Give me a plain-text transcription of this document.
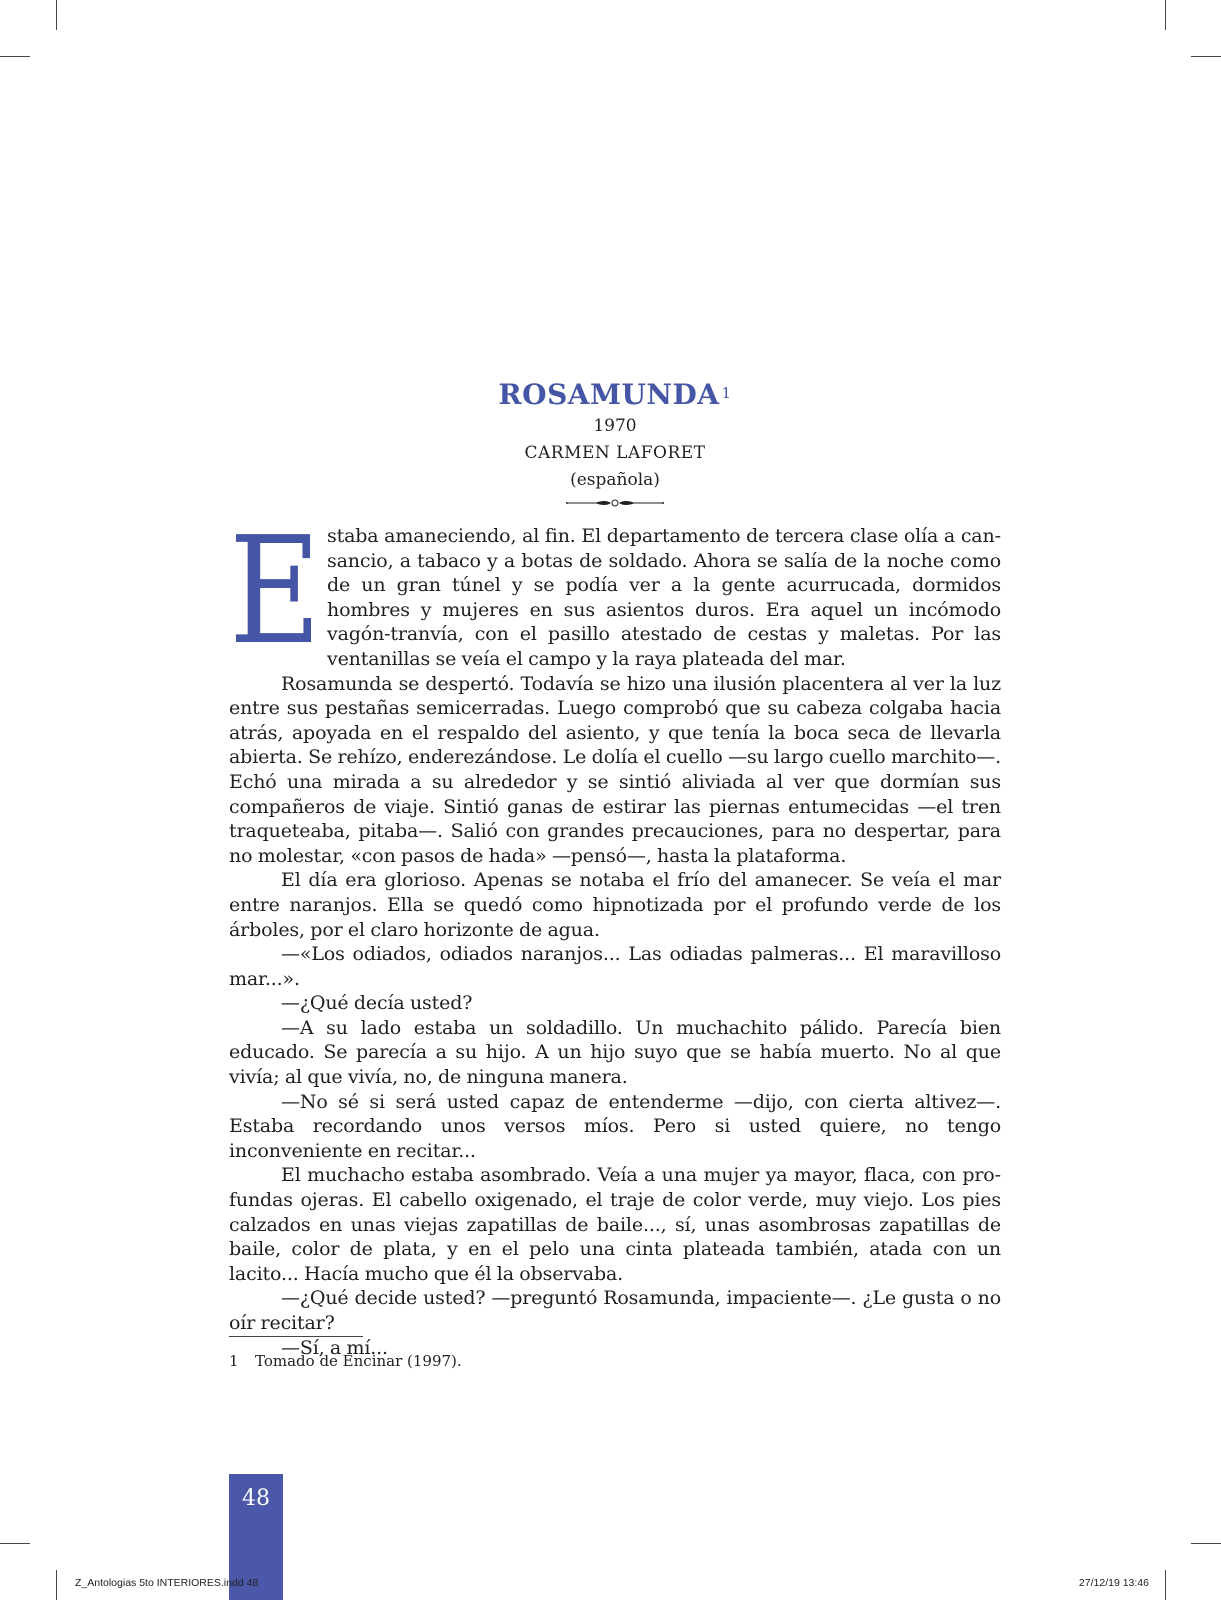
ROSAMUNDA $^1$
1970
CARMEN LAFORET
(española)
E staba amaneciendo, al fin. El departamento de tercera clase olía a cansancio, a tabaco y a botas de soldado. Ahora se salía de la noche como de un gran túnel y se podía ver a la gente acurrucada, dormidos hombres y mujeres en sus asientos duros. Era aquel un incómodo vagón-tranvía, con el pasillo atestado de cestas y maletas. Por las ventanillas se veía el campo y la raya plateada del mar.

Rosamunda se despertó. Todavía se hizo una ilusión placentera al ver la luz entre sus pestañas semicerradas. Luego comprobó que su cabeza colgaba hacia atrás, apoyada en el respaldo del asiento, y que tenía la boca seca de llevarla abierta. Se rehízo, enderezándose. Le dolía el cuello —su largo cuello marchito—. Echó una mirada a su alrededor y se sintió aliviada al ver que dormían sus compañeros de viaje. Sintió ganas de estirar las piernas entumecidas —el tren traqueteaba, pitaba—. Salió con grandes precauciones, para no despertar, para no molestar, «con pasos de hada» —pensó—, hasta la plataforma.

El día era glorioso. Apenas se notaba el frío del amanecer. Se veía el mar entre naranjos. Ella se quedó como hipnotizada por el profundo verde de los árboles, por el claro horizonte de agua.

—«Los odiados, odiados naranjos... Las odiadas palmeras... El maravilloso mar...».

—¿Qué decía usted?

—A su lado estaba un soldadillo. Un muchachito pálido. Parecía bien educado. Se parecía a su hijo. A un hijo suyo que se había muerto. No al que vivía; al que vivía, no, de ninguna manera.

—No sé si será usted capaz de entenderme —dijo, con cierta altivez—. Estaba recordando unos versos míos. Pero si usted quiere, no tengo inconveniente en recitar...

El muchacho estaba asombrado. Veía a una mujer ya mayor, flaca, con profundas ojeras. El cabello oxigenado, el traje de color verde, muy viejo. Los pies calzados en unas viejas zapatillas de baile..., sí, unas asombrosas zapatillas de baile, color de plata, y en el pelo una cinta plateada también, atada con un lacito... Hacía mucho que él la observaba.

—¿Qué decide usted? —preguntó Rosamunda, impaciente—. ¿Le gusta o no oír recitar?

—Sí, a mí...

1 Tomado de Encinar (1997).
48
Z_Antologias 5to INTERIORES.indd 48	27/12/19 13:46
